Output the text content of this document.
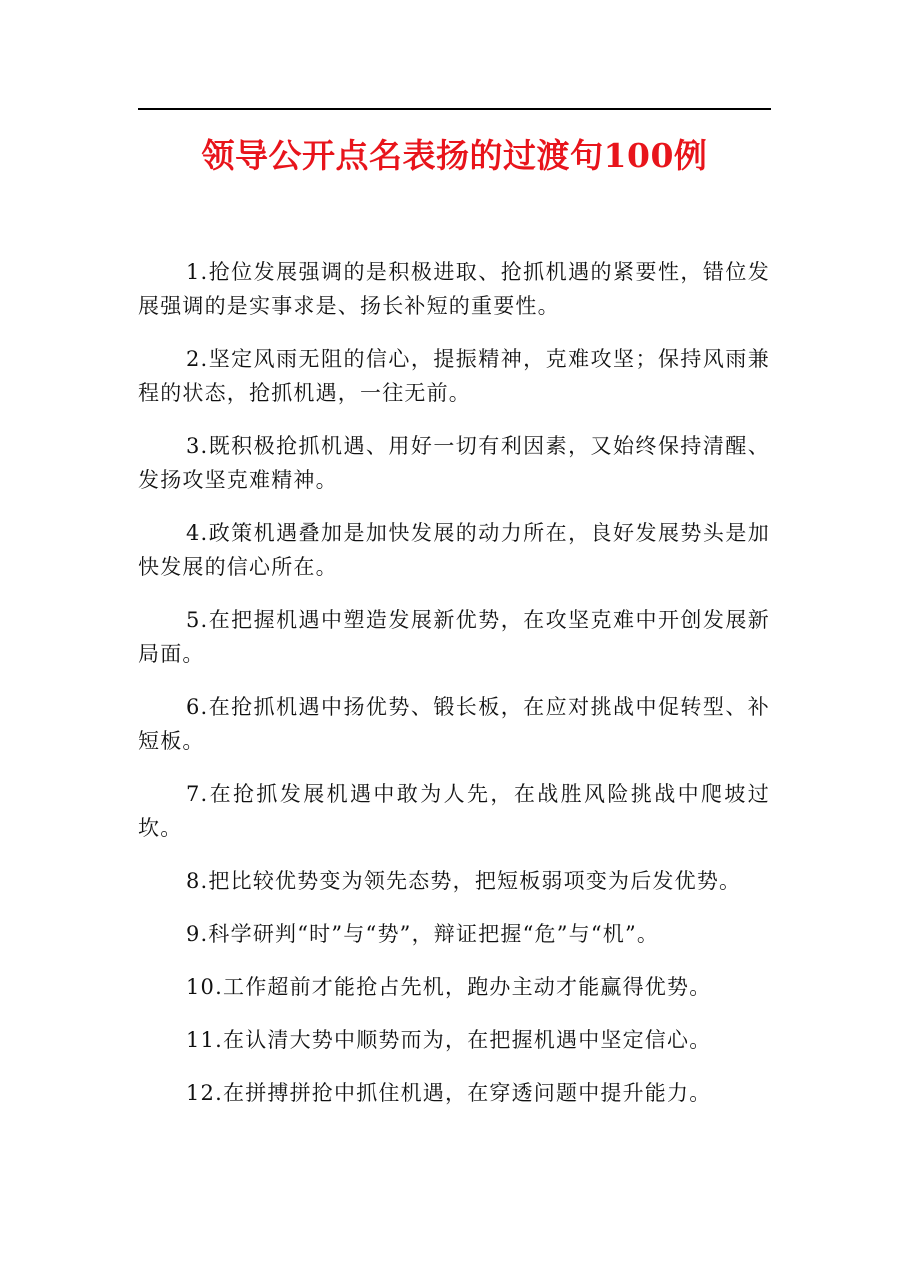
领导公开点名表扬的过渡句100例

1.抢位发展强调的是积极进取、抢抓机遇的紧要性，错位发展强调的是实事求是、扬长补短的重要性。

2.坚定风雨无阻的信心，提振精神，克难攻坚；保持风雨兼程的状态，抢抓机遇，一往无前。

3.既积极抢抓机遇、用好一切有利因素，又始终保持清醒、发扬攻坚克难精神。

4.政策机遇叠加是加快发展的动力所在，良好发展势头是加快发展的信心所在。

5.在把握机遇中塑造发展新优势，在攻坚克难中开创发展新局面。

6.在抢抓机遇中扬优势、锻长板，在应对挑战中促转型、补短板。

7.在抢抓发展机遇中敢为人先，在战胜风险挑战中爬坡过坎。

8.把比较优势变为领先态势，把短板弱项变为后发优势。

9.科学研判“时”与“势”，辩证把握“危”与“机”。

10.工作超前才能抢占先机，跑办主动才能赢得优势。

11.在认清大势中顺势而为，在把握机遇中坚定信心。

12.在拼搏拼抢中抓住机遇，在穿透问题中提升能力。
